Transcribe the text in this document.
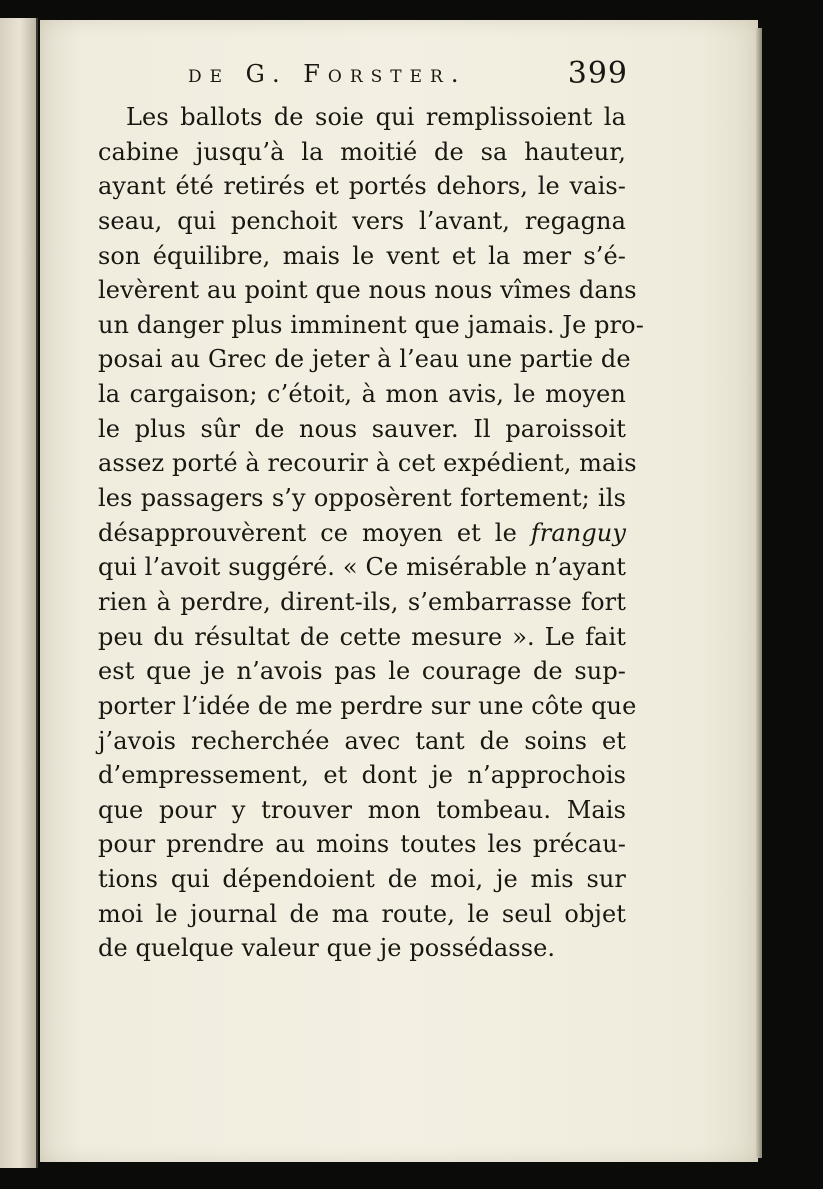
de G. Forster.	399
Les ballots de soie qui remplissoient la
cabine jusqu’à la moitié de sa hauteur,
ayant été retirés et portés dehors, le vais-
seau, qui penchoit vers l’avant, regagna
son équilibre, mais le vent et la mer s’é-
levèrent au point que nous nous vîmes dans
un danger plus imminent que jamais. Je pro-
posai au Grec de jeter à l’eau une partie de
la cargaison; c’étoit, à mon avis, le moyen
le plus sûr de nous sauver. Il paroissoit
assez porté à recourir à cet expédient, mais
les passagers s’y opposèrent fortement; ils
désapprouvèrent ce moyen et le franguy
qui l’avoit suggéré. « Ce misérable n’ayant
rien à perdre, dirent-ils, s’embarrasse fort
peu du résultat de cette mesure ». Le fait
est que je n’avois pas le courage de sup-
porter l’idée de me perdre sur une côte que
j’avois recherchée avec tant de soins et
d’empressement, et dont je n’approchois
que pour y trouver mon tombeau. Mais
pour prendre au moins toutes les précau-
tions qui dépendoient de moi, je mis sur
moi le journal de ma route, le seul objet
de quelque valeur que je possédasse.
